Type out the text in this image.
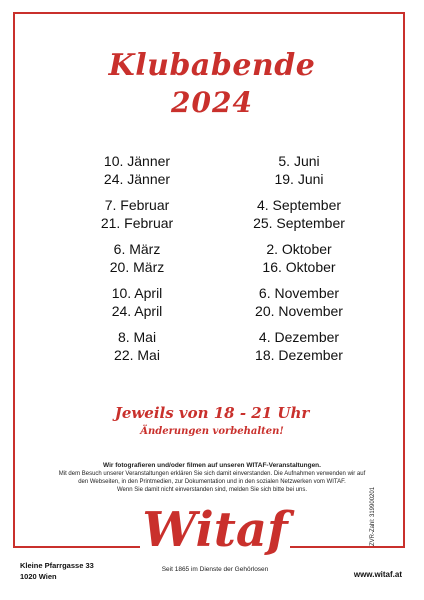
Klubabende
2024
10. Jänner
24. Jänner
7. Februar
21. Februar
6. März
20. März
10. April
24. April
8. Mai
22. Mai
5. Juni
19. Juni
4. September
25. September
2. Oktober
16. Oktober
6. November
20. November
4. Dezember
18. Dezember
Jeweils von 18 - 21 Uhr
Änderungen vorbehalten!
Wir fotografieren und/oder filmen auf unseren WITAF-Veranstaltungen.
Mit dem Besuch unserer Veranstaltungen erklären Sie sich damit einverstanden. Die Aufnahmen verwenden wir auf
den Webseiten, in den Printmedien, zur Dokumentation und in den sozialen Netzwerken vom WITAF.
Wenn Sie damit nicht einverstanden sind, melden Sie sich bitte bei uns.	ZVR-Zahl: 319900201
Witaf
Seit 1865 im Dienste der Gehörlosen
Kleine Pfarrgasse 33
1020 Wien	www.witaf.at
